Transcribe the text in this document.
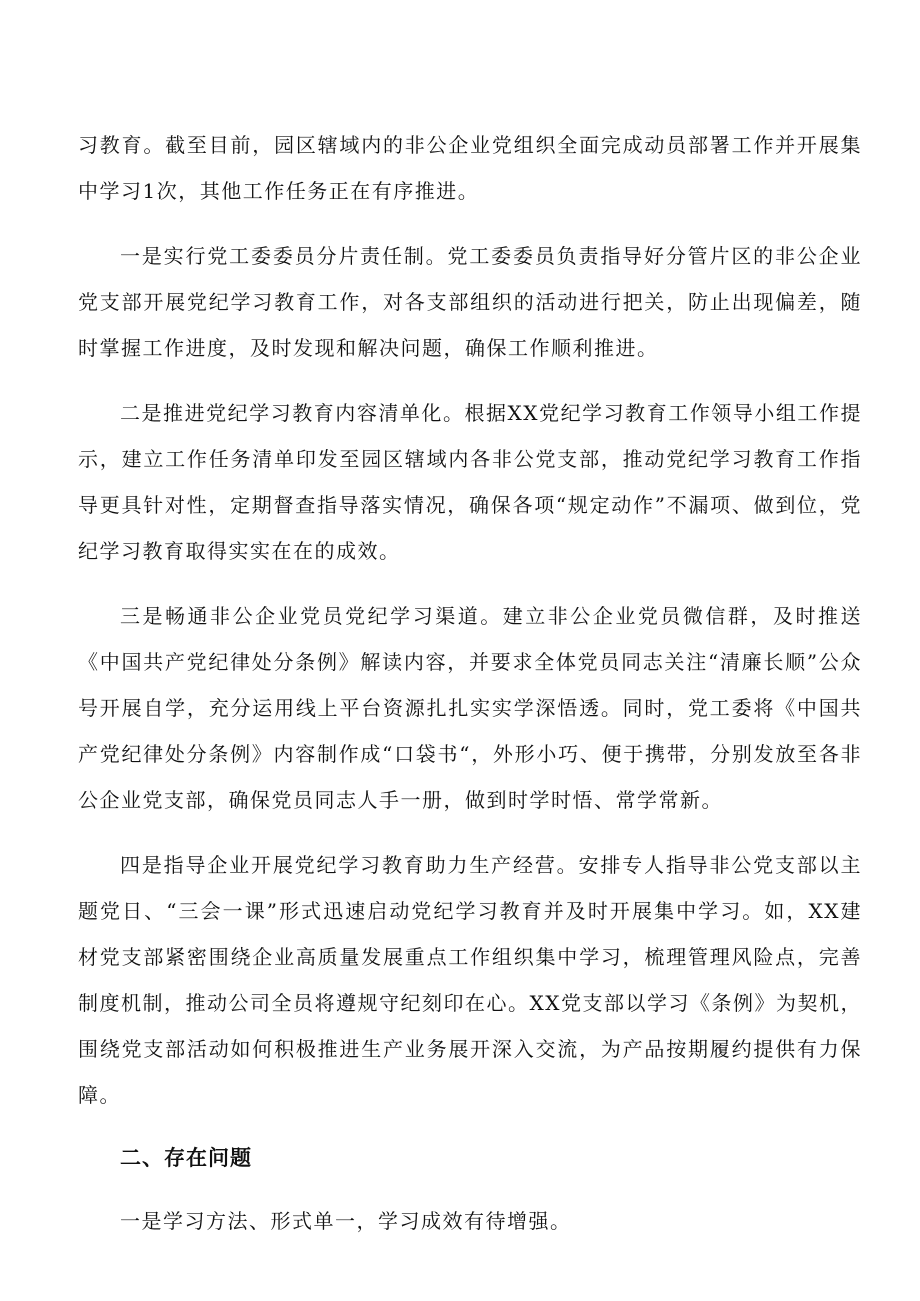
习教育。截至目前，园区辖域内的非公企业党组织全面完成动员部署工作并开展集中学习1次，其他工作任务正在有序推进。

一是实行党工委委员分片责任制。党工委委员负责指导好分管片区的非公企业党支部开展党纪学习教育工作，对各支部组织的活动进行把关，防止出现偏差，随时掌握工作进度，及时发现和解决问题，确保工作顺利推进。

二是推进党纪学习教育内容清单化。根据XX党纪学习教育工作领导小组工作提示，建立工作任务清单印发至园区辖域内各非公党支部，推动党纪学习教育工作指导更具针对性，定期督查指导落实情况，确保各项“规定动作”不漏项、做到位，党纪学习教育取得实实在在的成效。

三是畅通非公企业党员党纪学习渠道。建立非公企业党员微信群，及时推送《中国共产党纪律处分条例》解读内容，并要求全体党员同志关注“清廉长顺”公众号开展自学，充分运用线上平台资源扎扎实实学深悟透。同时，党工委将《中国共产党纪律处分条例》内容制作成“口袋书“，外形小巧、便于携带，分别发放至各非公企业党支部，确保党员同志人手一册，做到时学时悟、常学常新。

四是指导企业开展党纪学习教育助力生产经营。安排专人指导非公党支部以主题党日、“三会一课”形式迅速启动党纪学习教育并及时开展集中学习。如，XX建材党支部紧密围绕企业高质量发展重点工作组织集中学习，梳理管理风险点，完善制度机制，推动公司全员将遵规守纪刻印在心。XX党支部以学习《条例》为契机，围绕党支部活动如何积极推进生产业务展开深入交流，为产品按期履约提供有力保障。

二、存在问题

一是学习方法、形式单一，学习成效有待增强。
